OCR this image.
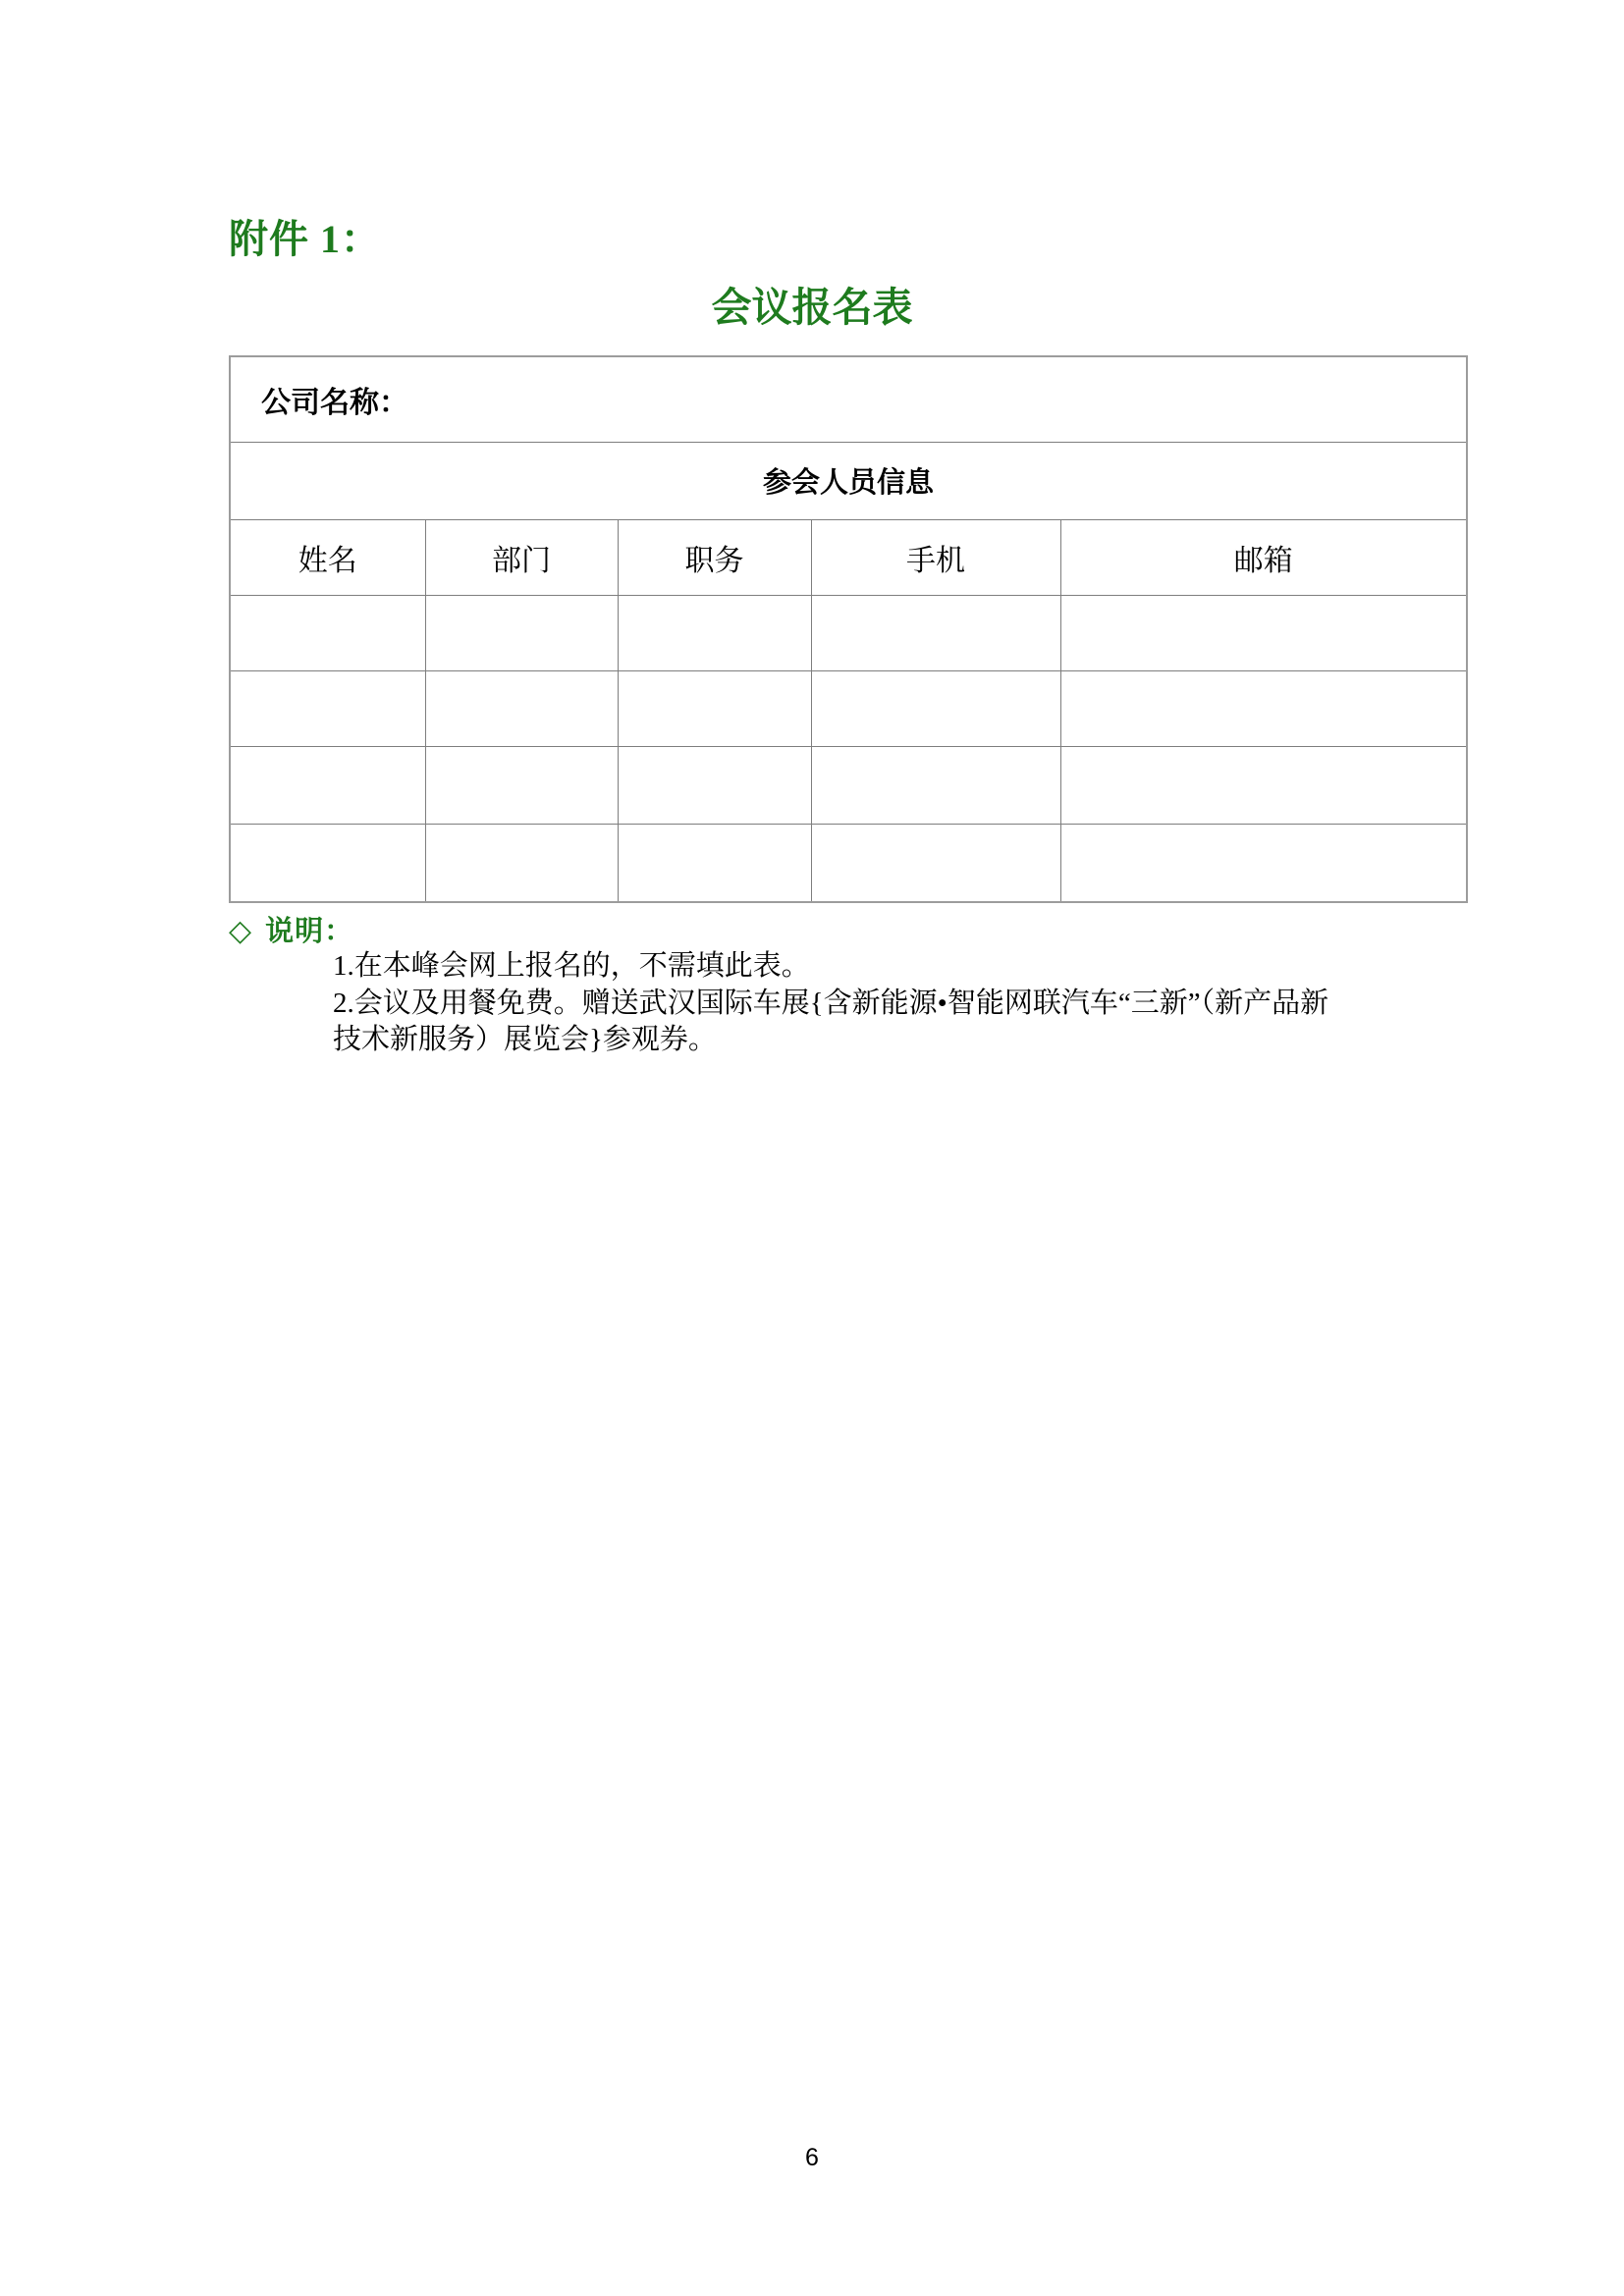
附件 1：
会议报名表
公司名称：				
参会人员信息				
姓名	部门	职务	手机	邮箱

◇ 说明：
1.在本峰会网上报名的，不需填此表。
2.会议及用餐免费。赠送武汉国际车展{含新能源•智能网联汽车“三新”（新产品新
技术新服务）展览会}参观券。
6
